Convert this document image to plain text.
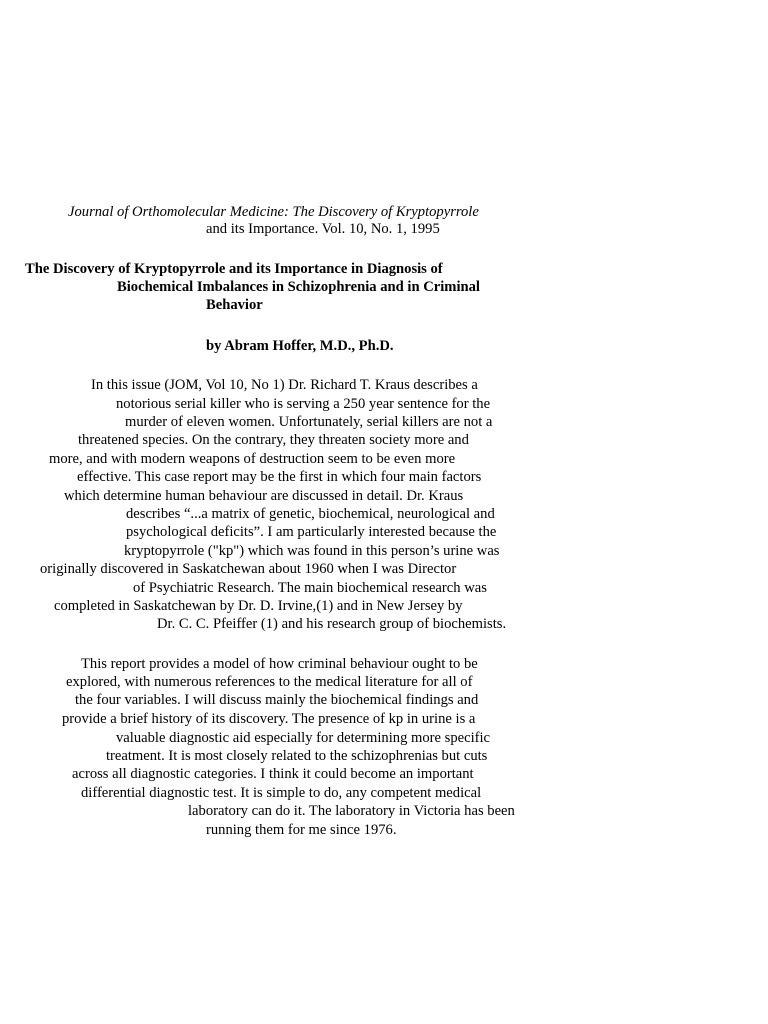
Journal of Orthomolecular Medicine: The Discovery of Kryptopyrrole
and its Importance. Vol. 10, No. 1, 1995
The Discovery of Kryptopyrrole and its Importance in Diagnosis of
Biochemical Imbalances in Schizophrenia and in Criminal
Behavior
by Abram Hoffer, M.D., Ph.D.
In this issue (JOM, Vol 10, No 1) Dr. Richard T. Kraus describes a
notorious serial killer who is serving a 250 year sentence for the
murder of eleven women. Unfortunately, serial killers are not a
threatened species. On the contrary, they threaten society more and
more, and with modern weapons of destruction seem to be even more
effective. This case report may be the first in which four main factors
which determine human behaviour are discussed in detail. Dr. Kraus
describes “...a matrix of genetic, biochemical, neurological and
psychological deficits”. I am particularly interested because the
kryptopyrrole ("kp") which was found in this person’s urine was
originally discovered in Saskatchewan about 1960 when I was Director
of Psychiatric Research. The main biochemical research was
completed in Saskatchewan by Dr. D. Irvine,(1) and in New Jersey by
Dr. C. C. Pfeiffer (1) and his research group of biochemists.
This report provides a model of how criminal behaviour ought to be
explored, with numerous references to the medical literature for all of
the four variables. I will discuss mainly the biochemical findings and
provide a brief history of its discovery. The presence of kp in urine is a
valuable diagnostic aid especially for determining more specific
treatment. It is most closely related to the schizophrenias but cuts
across all diagnostic categories. I think it could become an important
differential diagnostic test. It is simple to do, any competent medical
laboratory can do it. The laboratory in Victoria has been
running them for me since 1976.
